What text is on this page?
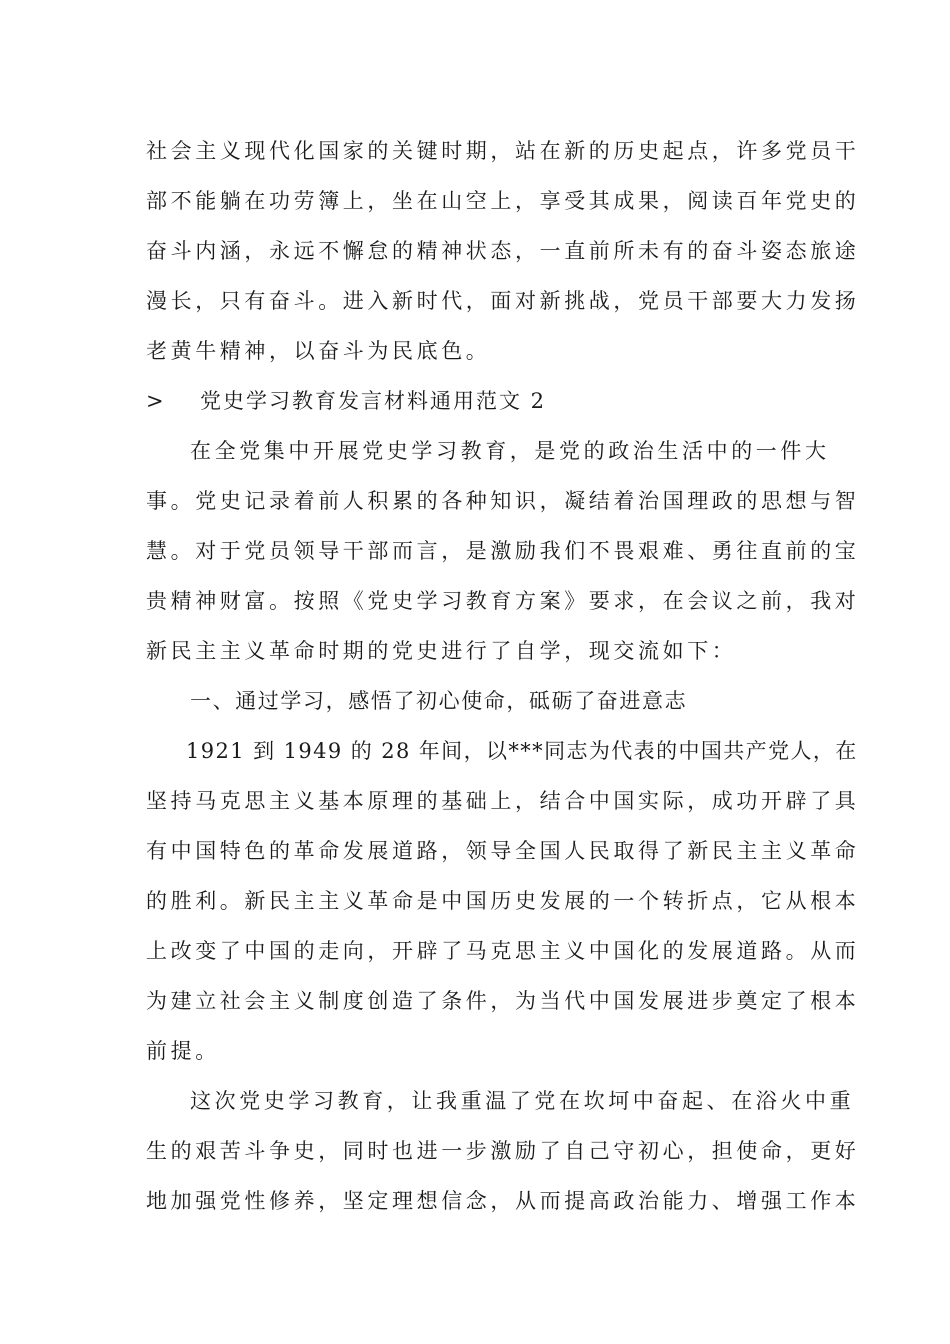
社会主义现代化国家的关键时期，站在新的历史起点，许多党员干
部不能躺在功劳簿上，坐在山空上，享受其成果，阅读百年党史的
奋斗内涵，永远不懈怠的精神状态，一直前所未有的奋斗姿态旅途
漫长，只有奋斗。进入新时代，面对新挑战，党员干部要大力发扬
老黄牛精神，以奋斗为民底色。
> 党史学习教育发言材料通用范文 2
在全党集中开展党史学习教育，是党的政治生活中的一件大
事。党史记录着前人积累的各种知识，凝结着治国理政的思想与智
慧。对于党员领导干部而言，是激励我们不畏艰难、勇往直前的宝
贵精神财富。按照《党史学习教育方案》要求，在会议之前，我对
新民主主义革命时期的党史进行了自学，现交流如下：
一、通过学习，感悟了初心使命，砥砺了奋进意志
1921 到 1949 的 28 年间，以***同志为代表的中国共产党人，在
坚持马克思主义基本原理的基础上，结合中国实际，成功开辟了具
有中国特色的革命发展道路，领导全国人民取得了新民主主义革命
的胜利。新民主主义革命是中国历史发展的一个转折点，它从根本
上改变了中国的走向，开辟了马克思主义中国化的发展道路。从而
为建立社会主义制度创造了条件，为当代中国发展进步奠定了根本
前提。
这次党史学习教育，让我重温了党在坎坷中奋起、在浴火中重
生的艰苦斗争史，同时也进一步激励了自己守初心，担使命，更好
地加强党性修养，坚定理想信念，从而提高政治能力、增强工作本
